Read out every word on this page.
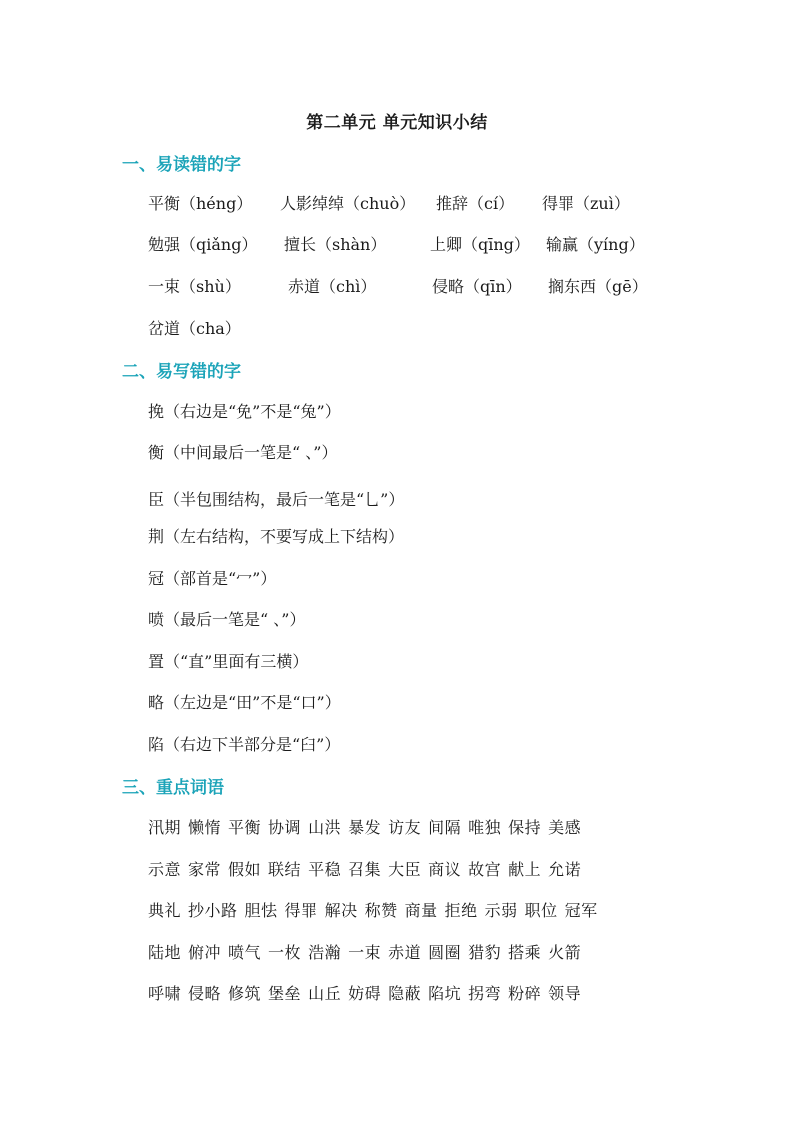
第二单元 单元知识小结
一、易读错的字
平衡（héng） 人影绰绰（chuò） 推辞（cí） 得罪（zuì）
勉强（qiǎng） 擅长（shàn）	上卿（qīng） 输赢（yíng）
一束（shù）	赤道（chì）	侵略（qīn） 搁东西（gē）
岔道（cha）
二、易写错的字
挽（右边是“免”不是“兔”）
衡（中间最后一笔是“ 、”）
臣（半包围结构，最后一笔是“乚”）
荆（左右结构，不要写成上下结构）
冠（部首是“冖”）
喷（最后一笔是“ 、”）
置（“直”里面有三横）
略（左边是“田”不是“口”）
陷（右边下半部分是“臼”）
三、重点词语
汛期 懒惰 平衡 协调 山洪 暴发 访友 间隔 唯独 保持 美感
示意 家常 假如 联结 平稳 召集 大臣 商议 故宫 献上 允诺
典礼 抄小路 胆怯 得罪 解决 称赞 商量 拒绝 示弱 职位 冠军
陆地 俯冲 喷气 一枚 浩瀚 一束 赤道 圆圈 猎豹 搭乘 火箭
呼啸 侵略 修筑 堡垒 山丘 妨碍 隐蔽 陷坑 拐弯 粉碎 领导
